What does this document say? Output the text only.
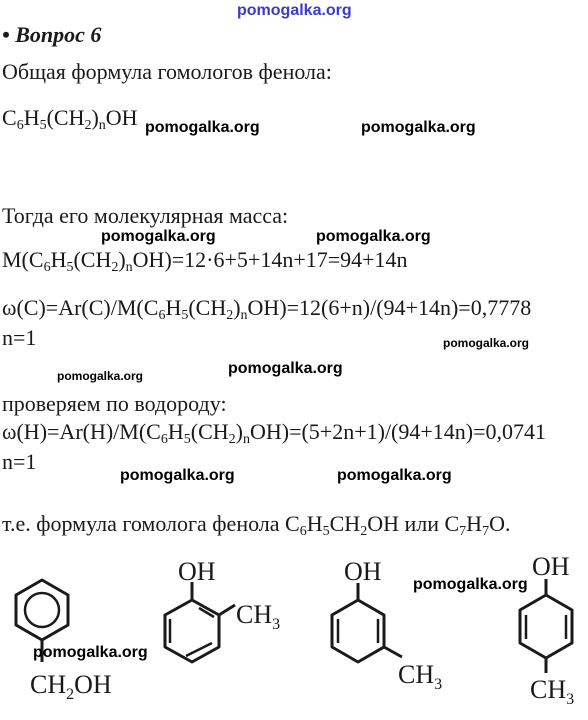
pomogalka.org
• Вопрос 6
Общая формула гомологов фенола:
$C_6H_5(CH_2)_nOH$ pomogalka.org	pomogalka.org
Тогда его молекулярная масса:
pomogalka.org	pomogalka.org
$M(C_6H_5(CH_2)_nOH)=12\cdot 6+5+14n+17=94+14n$
$\omega(C)=Ar(C)/M(C_6H_5(CH_2)_nOH)=12(6+n)/(94+14n)=0,7778$
n=1	pomogalka.org
pomogalka.org
pomogalka.org
проверяем по водороду:
$\omega(H)=Ar(H)/M(C_6H_5(CH_2)_nOH)=(5+2n+1)/(94+14n)=0,0741$
n=1
pomogalka.org	pomogalka.org
т.е. формула гомолога фенола $C_6H_5CH_2OH$ или $C_7H_7O$.
$CH_2OH$
OH
$CH_3$
OH
$CH_3$
OH
$CH_3$
pomogalka.org
pomogalka.org
